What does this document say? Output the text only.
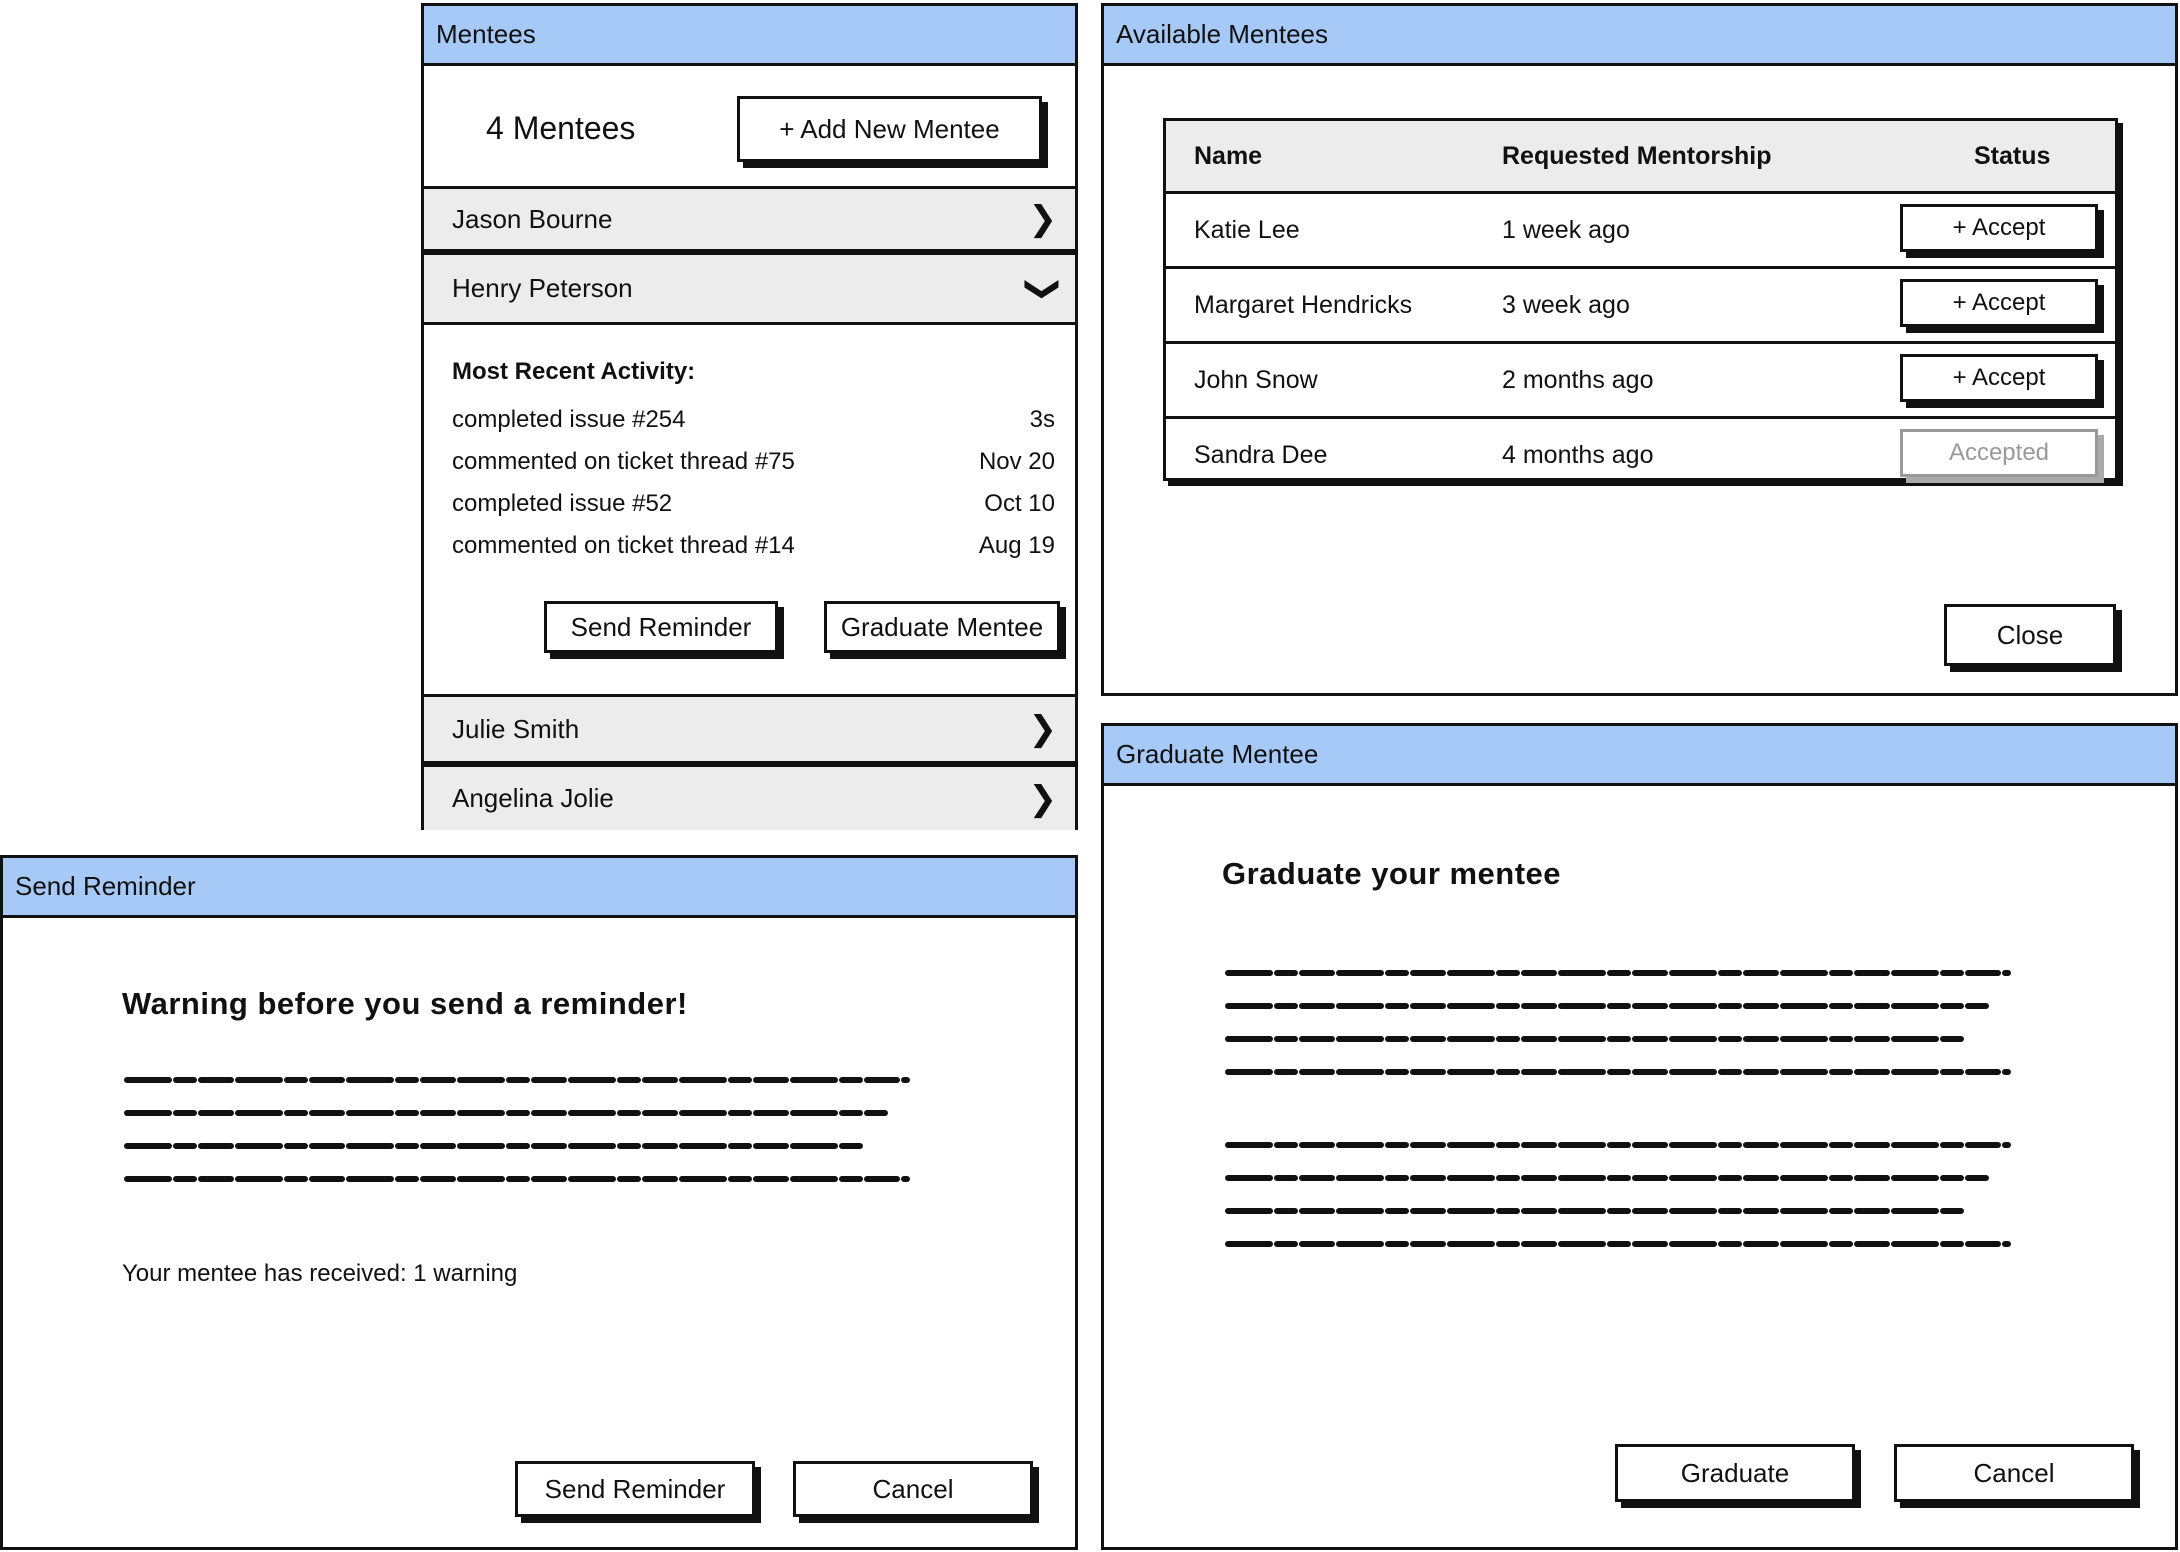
Mentees
4 Mentees	+ Add New Mentee
Jason Bourne	❯
Henry Peterson	❯
Most Recent Activity:
completed issue #254	3s
commented on ticket thread #75	Nov 20
completed issue #52	Oct 10
commented on ticket thread #14	Aug 19
Send Reminder	Graduate Mentee
Julie Smith	❯
Angelina Jolie	❯
Available Mentees
Name	Requested Mentorship	Status
Katie Lee	1 week ago	+ Accept
Margaret Hendricks	3 week ago	+ Accept
John Snow	2 months ago	+ Accept
Sandra Dee	4 months ago	Accepted
Close
Send Reminder
Warning before you send a reminder!
Your mentee has received: 1 warning
Send Reminder	Cancel
Graduate Mentee
Graduate your mentee
Graduate	Cancel
